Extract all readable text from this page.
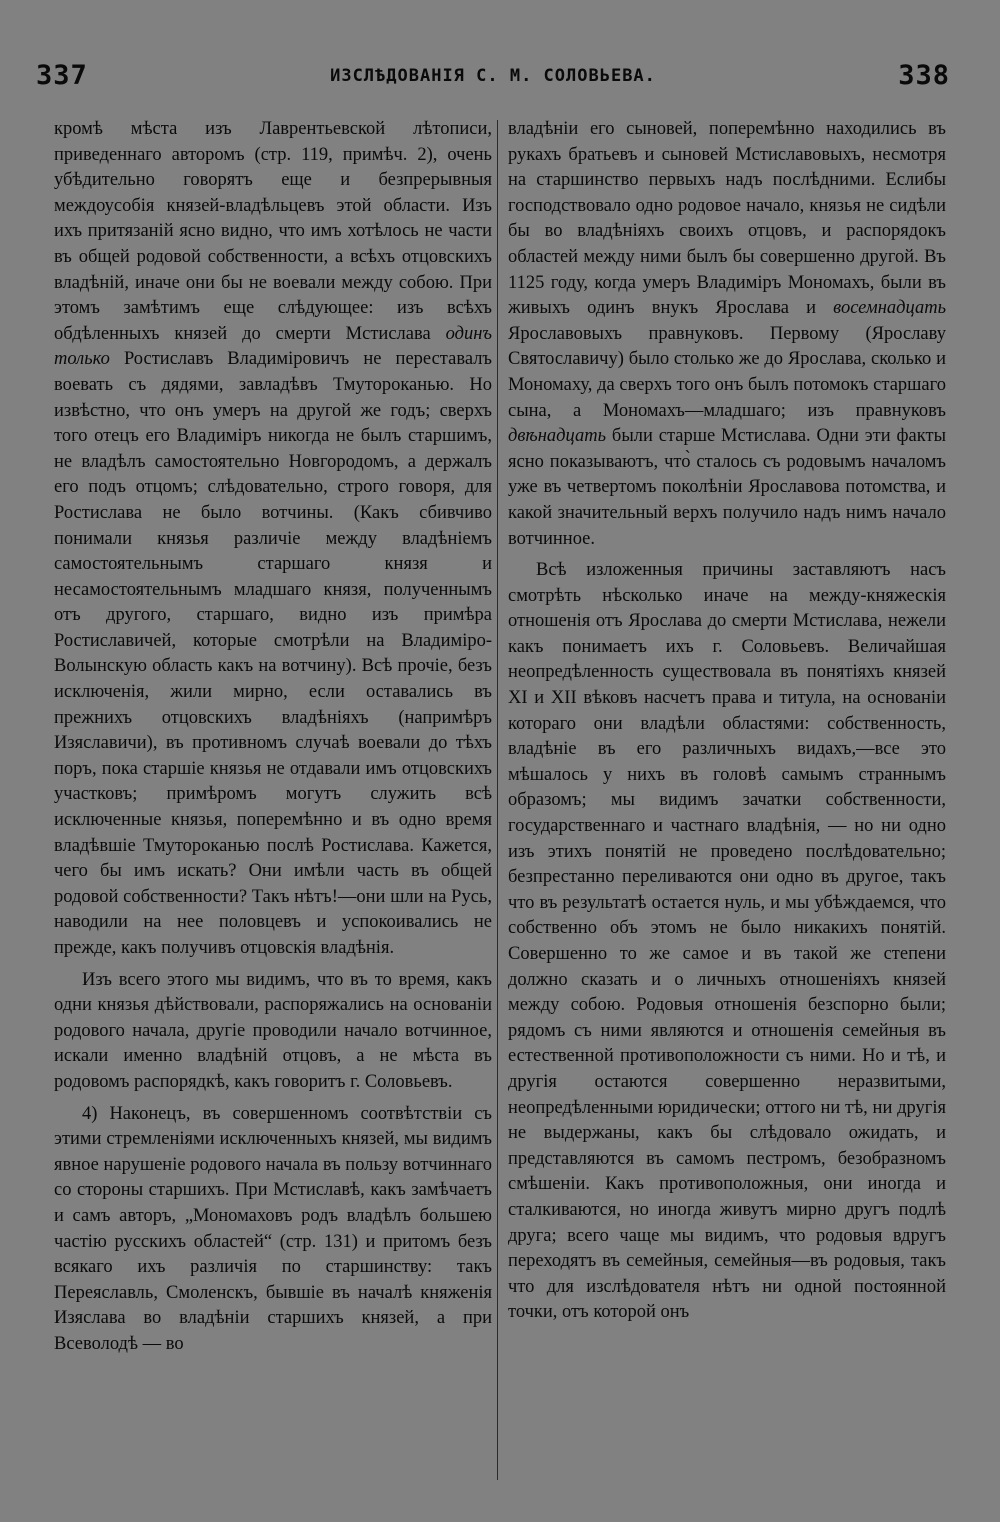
337	ИЗСЛѢДОВАНІЯ С. М. СОЛОВЬЕВА.	338

кромѣ мѣста изъ Лаврентьевской лѣтописи, приведеннаго авторомъ (стр. 119, примѣч. 2), очень убѣдительно говорятъ еще и безпрерывныя междоусобія князей-владѣльцевъ этой области. Изъ ихъ притязаній ясно видно, что имъ хотѣлось не части въ общей родовой собственности, а всѣхъ отцовскихъ владѣній, иначе они бы не воевали между собою. При этомъ замѣтимъ еще слѣдующее: изъ всѣхъ обдѣленныхъ князей до смерти Мстислава одинъ только Ростиславъ Владиміровичъ не переставалъ воевать съ дядями, завладѣвъ Тмутороканью. Но извѣстно, что онъ умеръ на другой же годъ; сверхъ того отецъ его Владиміръ никогда не былъ старшимъ, не владѣлъ самостоятельно Новгородомъ, а держалъ его подъ отцомъ; слѣдовательно, строго говоря, для Ростислава не было вотчины. (Какъ сбивчиво понимали князья различіе между владѣніемъ самостоятельнымъ старшаго князя и несамостоятельнымъ младшаго князя, полученнымъ отъ другого, старшаго, видно изъ примѣра Ростиславичей, которые смотрѣли на Владиміро-Волынскую область какъ на вотчину). Всѣ прочіе, безъ исключенія, жили мирно, если оставались въ прежнихъ отцовскихъ владѣніяхъ (напримѣръ Изяславичи), въ противномъ случаѣ воевали до тѣхъ поръ, пока старшіе князья не отдавали имъ отцовскихъ участковъ; примѣромъ могутъ служить всѣ исключенные князья, поперемѣнно и въ одно время владѣвшіе Тмутороканью послѣ Ростислава. Кажется, чего бы имъ искать? Они имѣли часть въ общей родовой собственности? Такъ нѣтъ!—они шли на Русь, наводили на нее половцевъ и успокоивались не прежде, какъ получивъ отцовскія владѣнія.

Изъ всего этого мы видимъ, что въ то время, какъ одни князья дѣйствовали, распоряжались на основаніи родового начала, другіе проводили начало вотчинное, искали именно владѣній отцовъ, а не мѣста въ родовомъ распорядкѣ, какъ говоритъ г. Соловьевъ.

4) Наконецъ, въ совершенномъ соотвѣтствіи съ этими стремленіями исключенныхъ князей, мы видимъ явное нарушеніе родового начала въ пользу вотчиннаго со стороны старшихъ. При Мстиславѣ, какъ замѣчаетъ и самъ авторъ, „Мономаховъ родъ владѣлъ большею частію русскихъ областей“ (стр. 131) и притомъ безъ всякаго ихъ различія по старшинству: такъ Переяславль, Смоленскъ, бывшіе въ началѣ княженія Изяслава во владѣніи старшихъ князей, а при Всеволодѣ — во

владѣніи его сыновей, поперемѣнно находились въ рукахъ братьевъ и сыновей Мстиславовыхъ, несмотря на старшинство первыхъ надъ послѣдними. Еслибы господствовало одно родовое начало, князья не сидѣли бы во владѣніяхъ своихъ отцовъ, и распорядокъ областей между ними былъ бы совершенно другой. Въ 1125 году, когда умеръ Владиміръ Мономахъ, были въ живыхъ одинъ внукъ Ярослава и восемнадцать Ярославовыхъ правнуковъ. Первому (Ярославу Святославичу) было столько же до Ярослава, сколько и Мономаху, да сверхъ того онъ былъ потомокъ старшаго сына, а Мономахъ—младшаго; изъ правнуковъ двѣнадцать были старше Мстислава. Одни эти факты ясно показываютъ, что̀ сталось съ родовымъ началомъ уже въ четвертомъ поколѣніи Ярославова потомства, и какой значительный верхъ получило надъ нимъ начало вотчинное.

Всѣ изложенныя причины заставляютъ насъ смотрѣть нѣсколько иначе на между-княжескія отношенія отъ Ярослава до смерти Мстислава, нежели какъ понимаетъ ихъ г. Соловьевъ. Величайшая неопредѣленность существовала въ понятіяхъ князей XI и XII вѣковъ насчетъ права и титула, на основаніи котораго они владѣли областями: собственность, владѣніе въ его различныхъ видахъ,—все это мѣшалось у нихъ въ головѣ самымъ страннымъ образомъ; мы видимъ зачатки собственности, государственнаго и частнаго владѣнія, — но ни одно изъ этихъ понятій не проведено послѣдовательно; безпрестанно переливаются они одно въ другое, такъ что въ результатѣ остается нуль, и мы убѣждаемся, что собственно объ этомъ не было никакихъ понятій. Совершенно то же самое и въ такой же степени должно сказать и о личныхъ отношеніяхъ князей между собою. Родовыя отношенія безспорно были; рядомъ съ ними являются и отношенія семейныя въ естественной противоположности съ ними. Но и тѣ, и другія остаются совершенно неразвитыми, неопредѣленными юридически; оттого ни тѣ, ни другія не выдержаны, какъ бы слѣдовало ожидать, и представляются въ самомъ пестромъ, безобразномъ смѣшеніи. Какъ противоположныя, они иногда и сталкиваются, но иногда живутъ мирно другъ подлѣ друга; всего чаще мы видимъ, что родовыя вдругъ переходятъ въ семейныя, семейныя—въ родовыя, такъ что для изслѣдователя нѣтъ ни одной постоянной точки, отъ которой онъ
